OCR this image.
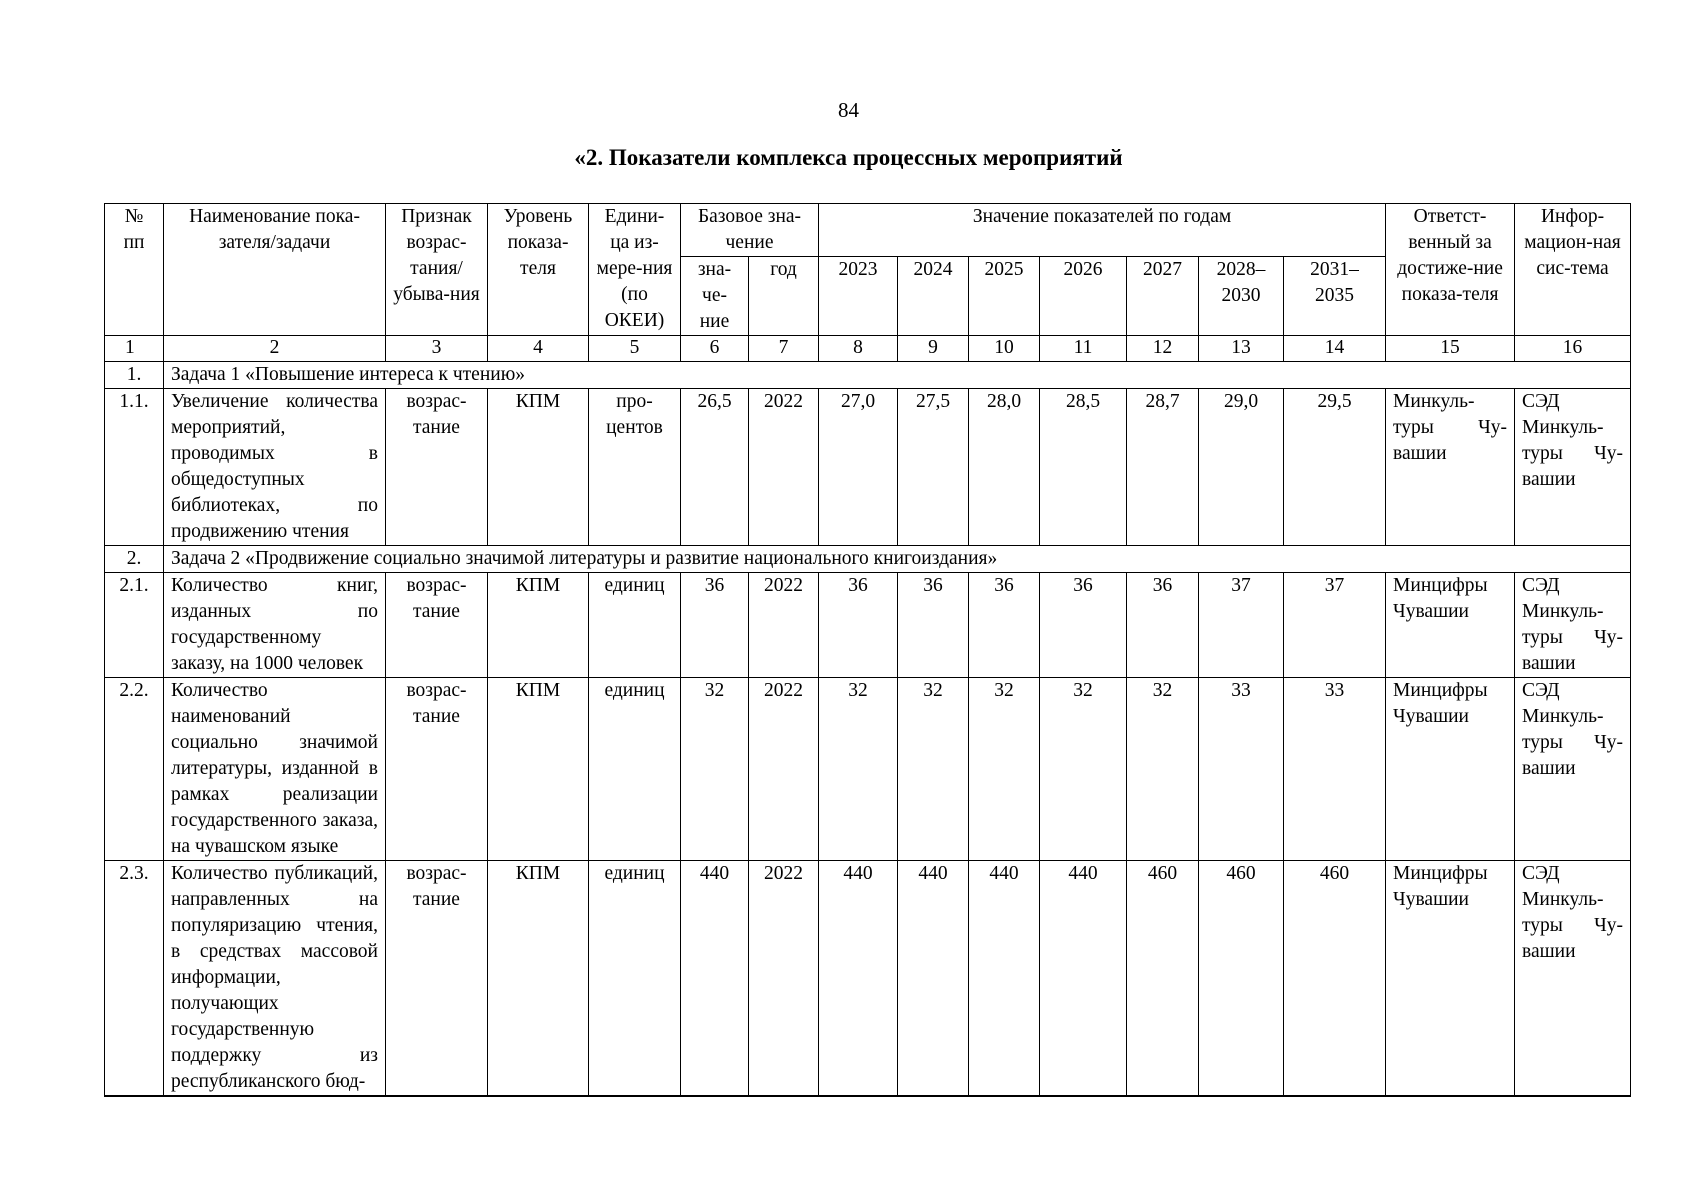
84
«2. Показатели комплекса процессных мероприятий
№ пп	Наименование пока-зателя/задачи	Признак возрас-тания/ убыва-ния	Уровень показа-теля	Едини-ца из-мере-ния (по ОКЕИ)	Базовое зна-чение		Значение показателей по годам							Ответст-венный за достиже-ние показа-теля	Инфор-мацион-ная сис-тема
					зна-че-ние	год	2023	2024	2025	2026	2027	2028–2030	2031–2035		
1	2	3	4	5	6	7	8	9	10	11	12	13	14	15	16
1.	Задача 1 «Повышение интереса к чтению»														
1.1.	Увеличение количества мероприятий, проводимых в общедоступных библиотеках, по продвижению чтения	возрас-тание	КПМ	про-центов	26,5	2022	27,0	27,5	28,0	28,5	28,7	29,0	29,5	Минкуль-туры Чу-вашии	СЭД Минкуль-туры Чу-вашии
2.	Задача 2 «Продвижение социально значимой литературы и развитие национального книгоиздания»														
2.1.	Количество книг, изданных по государственному заказу, на 1000 человек	возрас-тание	КПМ	единиц	36	2022	36	36	36	36	36	37	37	Минцифры Чувашии	СЭД Минкуль-туры Чу-вашии
2.2.	Количество наименований социально значимой литературы, изданной в рамках реализации государственного заказа, на чувашском языке	возрас-тание	КПМ	единиц	32	2022	32	32	32	32	32	33	33	Минцифры Чувашии	СЭД Минкуль-туры Чу-вашии
2.3.	Количество публикаций, направленных на популяризацию чтения, в средствах массовой информации, получающих государственную поддержку из республиканского бюд-	возрас-тание	КПМ	единиц	440	2022	440	440	440	440	460	460	460	Минцифры Чувашии	СЭД Минкуль-туры Чу-вашии
